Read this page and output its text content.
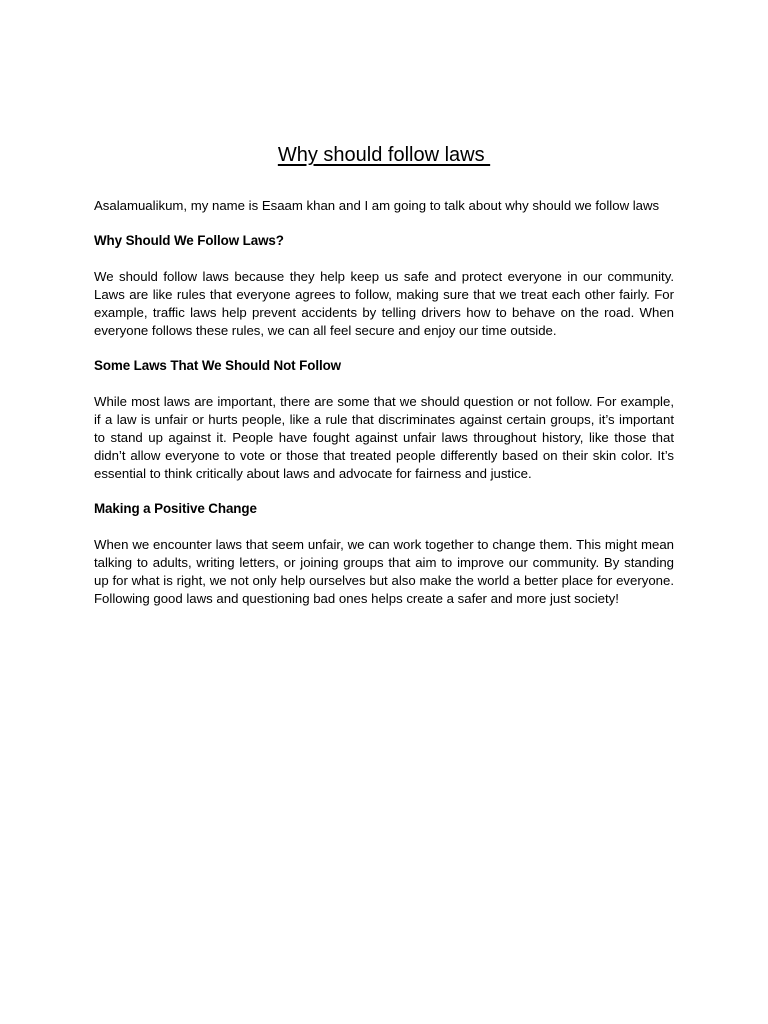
Why should follow laws

Asalamualikum, my name is Esaam khan and I am going to talk about why should we follow laws

Why Should We Follow Laws?

We should follow laws because they help keep us safe and protect everyone in our community. Laws are like rules that everyone agrees to follow, making sure that we treat each other fairly. For example, traffic laws help prevent accidents by telling drivers how to behave on the road. When everyone follows these rules, we can all feel secure and enjoy our time outside.

Some Laws That We Should Not Follow

While most laws are important, there are some that we should question or not follow. For example, if a law is unfair or hurts people, like a rule that discriminates against certain groups, it’s important to stand up against it. People have fought against unfair laws throughout history, like those that didn’t allow everyone to vote or those that treated people differently based on their skin color. It’s essential to think critically about laws and advocate for fairness and justice.

Making a Positive Change

When we encounter laws that seem unfair, we can work together to change them. This might mean talking to adults, writing letters, or joining groups that aim to improve our community. By standing up for what is right, we not only help ourselves but also make the world a better place for everyone. Following good laws and questioning bad ones helps create a safer and more just society!
